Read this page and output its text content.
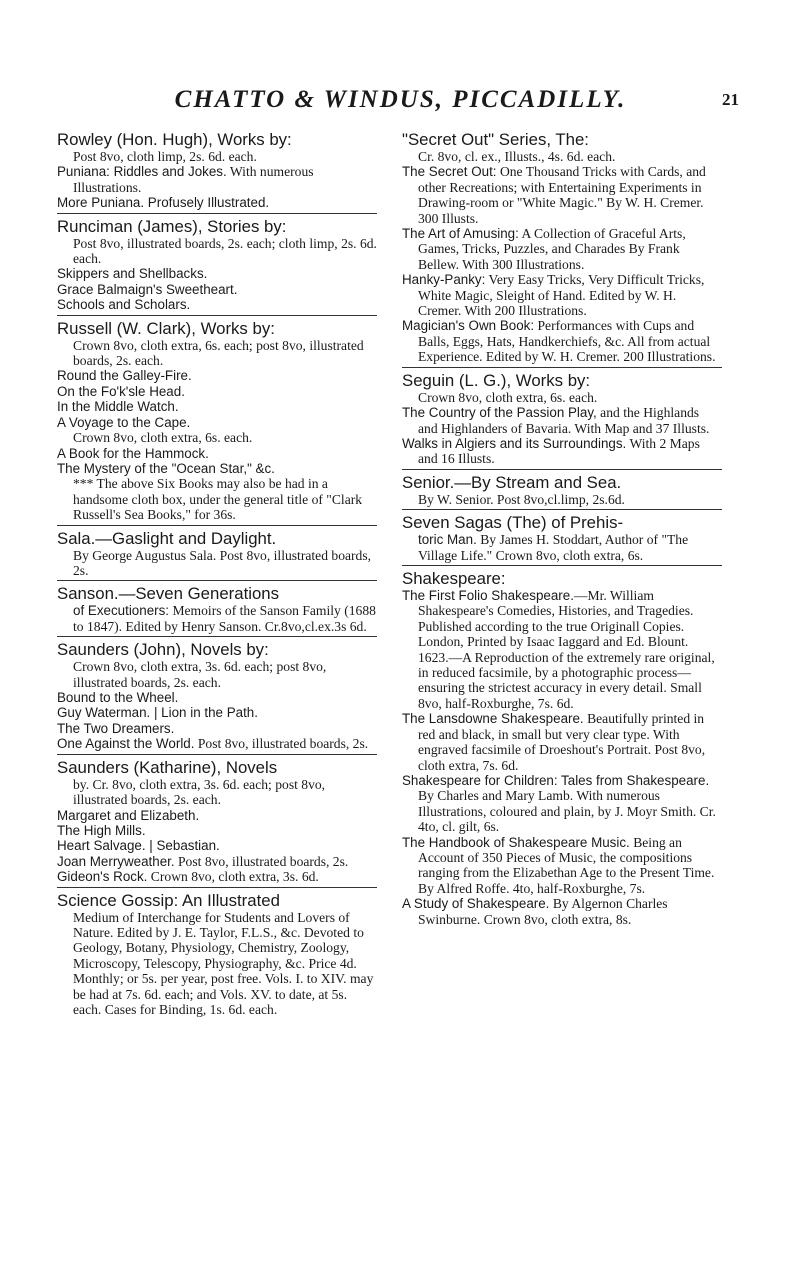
CHATTO & WINDUS, PICCADILLY.	21
Rowley (Hon. Hugh), Works by:
Post 8vo, cloth limp, 2s. 6d. each.
Puniana: Riddles and Jokes. With numerous Illustrations.
More Puniana. Profusely Illustrated.
Runciman (James), Stories by:
Post 8vo, illustrated boards, 2s. each; cloth limp, 2s. 6d. each.
Skippers and Shellbacks.
Grace Balmaign's Sweetheart.
Schools and Scholars.
Russell (W. Clark), Works by:
Crown 8vo, cloth extra, 6s. each; post 8vo, illustrated boards, 2s. each.
Round the Galley-Fire.
On the Fo'k'sle Head.
In the Middle Watch.
A Voyage to the Cape.
Crown 8vo, cloth extra, 6s. each.
A Book for the Hammock.
The Mystery of the "Ocean Star," &c.
*** The above Six Books may also be had in a handsome cloth box, under the general title of "Clark Russell's Sea Books," for 36s.
Sala.—Gaslight and Daylight.
By George Augustus Sala. Post 8vo, illustrated boards, 2s.
Sanson.—Seven Generations
of Executioners: Memoirs of the Sanson Family (1688 to 1847). Edited by Henry Sanson. Cr.8vo,cl.ex.3s 6d.
Saunders (John), Novels by:
Crown 8vo, cloth extra, 3s. 6d. each; post 8vo, illustrated boards, 2s. each.
Bound to the Wheel.
Guy Waterman. | Lion in the Path.
The Two Dreamers.
One Against the World. Post 8vo, illustrated boards, 2s.
Saunders (Katharine), Novels
by. Cr. 8vo, cloth extra, 3s. 6d. each; post 8vo, illustrated boards, 2s. each.
Margaret and Elizabeth.
The High Mills.
Heart Salvage. | Sebastian.
Joan Merryweather. Post 8vo, illustrated boards, 2s.
Gideon's Rock. Crown 8vo, cloth extra, 3s. 6d.
Science Gossip: An Illustrated
Medium of Interchange for Students and Lovers of Nature. Edited by J. E. Taylor, F.L.S., &c. Devoted to Geology, Botany, Physiology, Chemistry, Zoology, Microscopy, Telescopy, Physiography, &c. Price 4d. Monthly; or 5s. per year, post free. Vols. I. to XIV. may be had at 7s. 6d. each; and Vols. XV. to date, at 5s. each. Cases for Binding, 1s. 6d. each.
"Secret Out" Series, The:
Cr. 8vo, cl. ex., Illusts., 4s. 6d. each.
The Secret Out: One Thousand Tricks with Cards, and other Recreations; with Entertaining Experiments in Drawing-room or "White Magic." By W. H. Cremer. 300 Illusts.
The Art of Amusing: A Collection of Graceful Arts, Games, Tricks, Puzzles, and Charades By Frank Bellew. With 300 Illustrations.
Hanky-Panky: Very Easy Tricks, Very Difficult Tricks, White Magic, Sleight of Hand. Edited by W. H. Cremer. With 200 Illustrations.
Magician's Own Book: Performances with Cups and Balls, Eggs, Hats, Handkerchiefs, &c. All from actual Experience. Edited by W. H. Cremer. 200 Illustrations.
Seguin (L. G.), Works by:
Crown 8vo, cloth extra, 6s. each.
The Country of the Passion Play, and the Highlands and Highlanders of Bavaria. With Map and 37 Illusts.
Walks in Algiers and its Surroundings. With 2 Maps and 16 Illusts.
Senior.—By Stream and Sea.
By W. Senior. Post 8vo,cl.limp, 2s.6d.
Seven Sagas (The) of Prehis-
toric Man. By James H. Stoddart, Author of "The Village Life." Crown 8vo, cloth extra, 6s.
Shakespeare:
The First Folio Shakespeare.—Mr. William Shakespeare's Comedies, Histories, and Tragedies. Published according to the true Originall Copies. London, Printed by Isaac Iaggard and Ed. Blount. 1623.—A Reproduction of the extremely rare original, in reduced facsimile, by a photographic process—ensuring the strictest accuracy in every detail. Small 8vo, half-Roxburghe, 7s. 6d.
The Lansdowne Shakespeare. Beautifully printed in red and black, in small but very clear type. With engraved facsimile of Droeshout's Portrait. Post 8vo, cloth extra, 7s. 6d.
Shakespeare for Children: Tales from Shakespeare. By Charles and Mary Lamb. With numerous Illustrations, coloured and plain, by J. Moyr Smith. Cr. 4to, cl. gilt, 6s.
The Handbook of Shakespeare Music. Being an Account of 350 Pieces of Music, the compositions ranging from the Elizabethan Age to the Present Time. By Alfred Roffe. 4to, half-Roxburghe, 7s.
A Study of Shakespeare. By Algernon Charles Swinburne. Crown 8vo, cloth extra, 8s.
